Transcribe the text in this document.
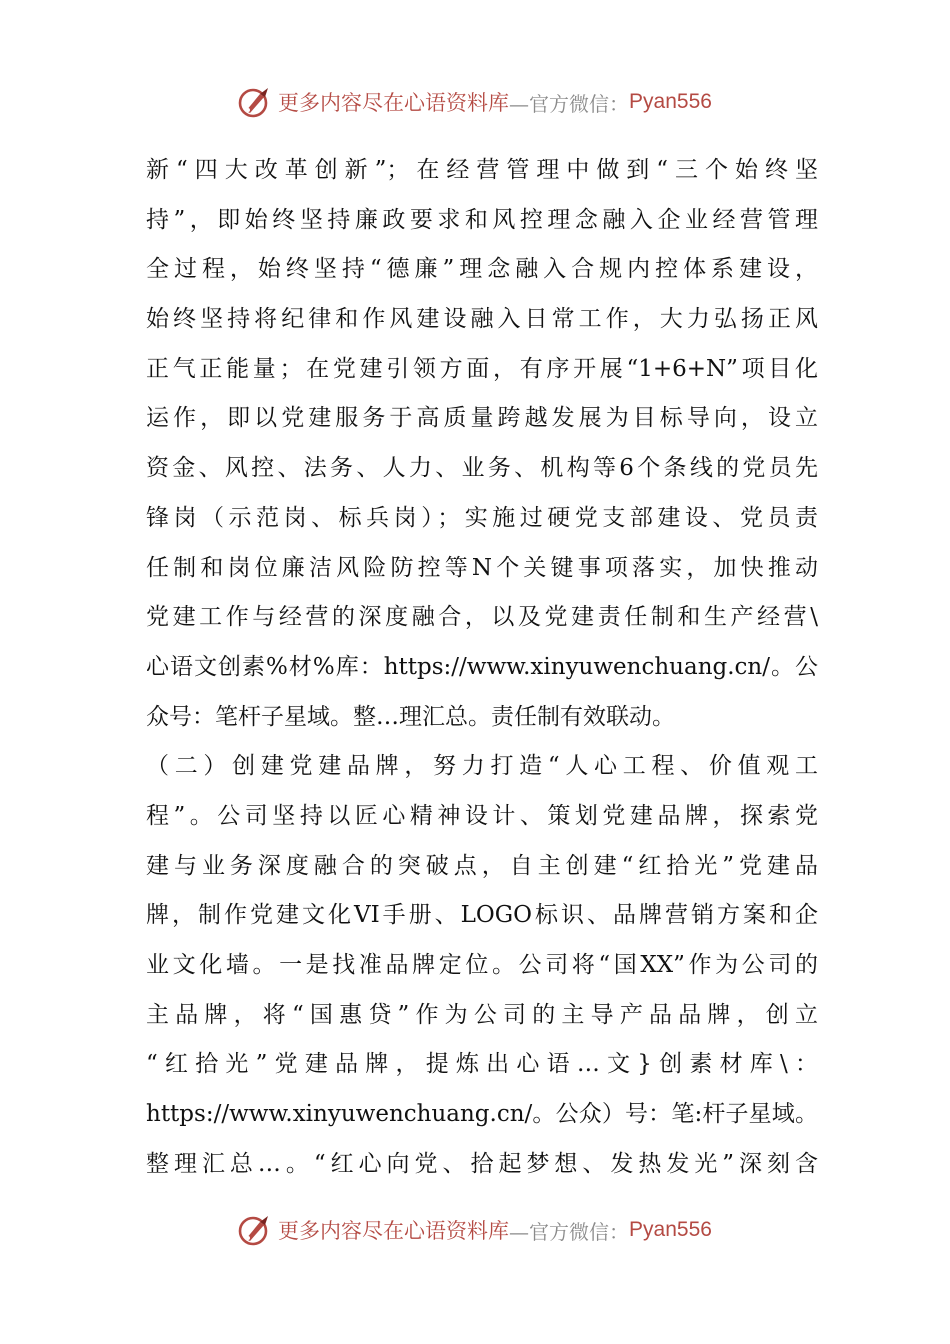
更多内容尽在心语资料库 —官方微信： Pyan556
新“四大改革创新”；在经营管理中做到“三个始终坚
持”，即始终坚持廉政要求和风控理念融入企业经营管理
全过程，始终坚持“德廉”理念融入合规内控体系建设，
始终坚持将纪律和作风建设融入日常工作，大力弘扬正风
正气正能量；在党建引领方面，有序开展“1+6+N”项目化
运作，即以党建服务于高质量跨越发展为目标导向，设立
资金、风控、法务、人力、业务、机构等6个条线的党员先
锋岗（示范岗、标兵岗）；实施过硬党支部建设、党员责
任制和岗位廉洁风险防控等N个关键事项落实，加快推动
党建工作与经营的深度融合，以及党建责任制和生产经营\
心语文创素%材%库：https://www.xinyuwenchuang.cn/。公
众号：笔杆子星域。整…理汇总。责任制有效联动。
（二）创建党建品牌，努力打造“人心工程、价值观工
程”。公司坚持以匠心精神设计、策划党建品牌，探索党
建与业务深度融合的突破点，自主创建“红拾光”党建品
牌，制作党建文化VI手册、LOGO标识、品牌营销方案和企
业文化墙。一是找准品牌定位。公司将“国XX”作为公司的
主品牌，将“国惠贷”作为公司的主导产品品牌，创立
“红拾光”党建品牌，提炼出心语…文}创素材库\：
https://www.xinyuwenchuang.cn/。公众）号：笔:杆子星域。
整理汇总…。“红心向党、拾起梦想、发热发光”深刻含
更多内容尽在心语资料库 —官方微信： Pyan556
